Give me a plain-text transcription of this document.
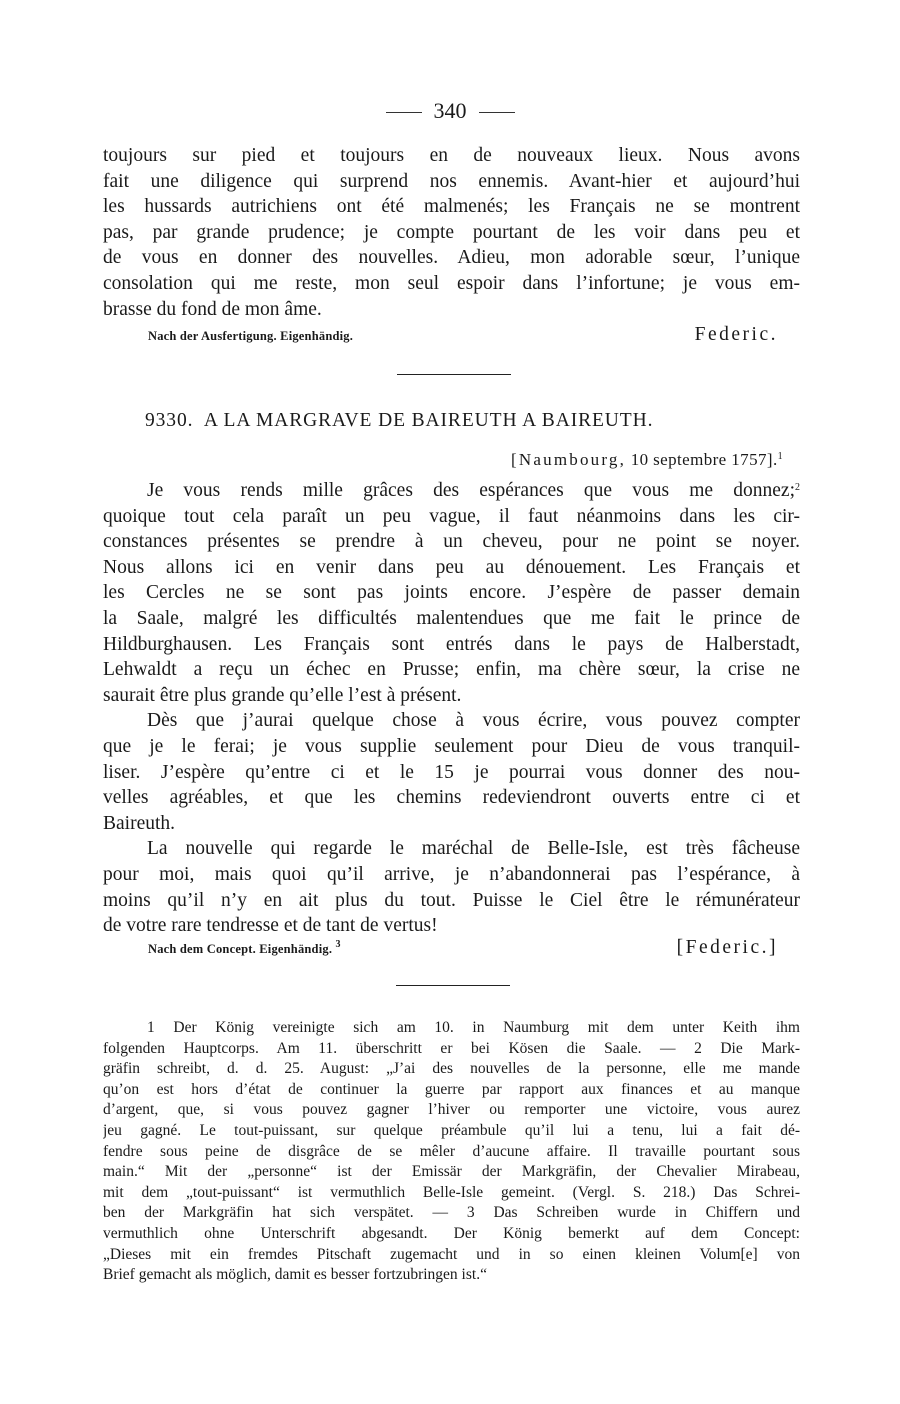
340
toujours sur pied et toujours en de nouveaux lieux. Nous avons
fait une diligence qui surprend nos ennemis. Avant-hier et aujourd’hui
les hussards autrichiens ont été malmenés; les Français ne se montrent
pas, par grande prudence; je compte pourtant de les voir dans peu et
de vous en donner des nouvelles. Adieu, mon adorable sœur, l’unique
consolation qui me reste, mon seul espoir dans l’infortune; je vous em-
brasse du fond de mon âme.
Nach der Ausfertigung. Eigenhändig.	Federic.
9330. A LA MARGRAVE DE BAIREUTH A BAIREUTH.
[Naumbourg, 10 septembre 1757].$^1$
Je vous rends mille grâces des espérances que vous me donnez;$^2$
quoique tout cela paraît un peu vague, il faut néanmoins dans les cir-
constances présentes se prendre à un cheveu, pour ne point se noyer.
Nous allons ici en venir dans peu au dénouement. Les Français et
les Cercles ne se sont pas joints encore. J’espère de passer demain
la Saale, malgré les difficultés malentendues que me fait le prince de
Hildburghausen. Les Français sont entrés dans le pays de Halberstadt,
Lehwaldt a reçu un échec en Prusse; enfin, ma chère sœur, la crise ne
saurait être plus grande qu’elle l’est à présent.
Dès que j’aurai quelque chose à vous écrire, vous pouvez compter
que je le ferai; je vous supplie seulement pour Dieu de vous tranquil-
liser. J’espère qu’entre ci et le 15 je pourrai vous donner des nou-
velles agréables, et que les chemins redeviendront ouverts entre ci et
Baireuth.
La nouvelle qui regarde le maréchal de Belle-Isle, est très fâcheuse
pour moi, mais quoi qu’il arrive, je n’abandonnerai pas l’espérance, à
moins qu’il n’y en ait plus du tout. Puisse le Ciel être le rémunérateur
de votre rare tendresse et de tant de vertus!
Nach dem Concept. Eigenhändig. $^3$	[Federic.]
1 Der König vereinigte sich am 10. in Naumburg mit dem unter Keith ihm
folgenden Hauptcorps. Am 11. überschritt er bei Kösen die Saale. — 2 Die Mark-
gräfin schreibt, d. d. 25. August: „J’ai des nouvelles de la personne, elle me mande
qu’on est hors d’état de continuer la guerre par rapport aux finances et au manque
d’argent, que, si vous pouvez gagner l’hiver ou remporter une victoire, vous aurez
jeu gagné. Le tout-puissant, sur quelque préambule qu’il lui a tenu, lui a fait dé-
fendre sous peine de disgrâce de se mêler d’aucune affaire. Il travaille pourtant sous
main.“ Mit der „personne“ ist der Emissär der Markgräfin, der Chevalier Mirabeau,
mit dem „tout-puissant“ ist vermuthlich Belle-Isle gemeint. (Vergl. S. 218.) Das Schrei-
ben der Markgräfin hat sich verspätet. — 3 Das Schreiben wurde in Chiffern und
vermuthlich ohne Unterschrift abgesandt. Der König bemerkt auf dem Concept:
„Dieses mit ein fremdes Pitschaft zugemacht und in so einen kleinen Volum[e] von
Brief gemacht als möglich, damit es besser fortzubringen ist.“
